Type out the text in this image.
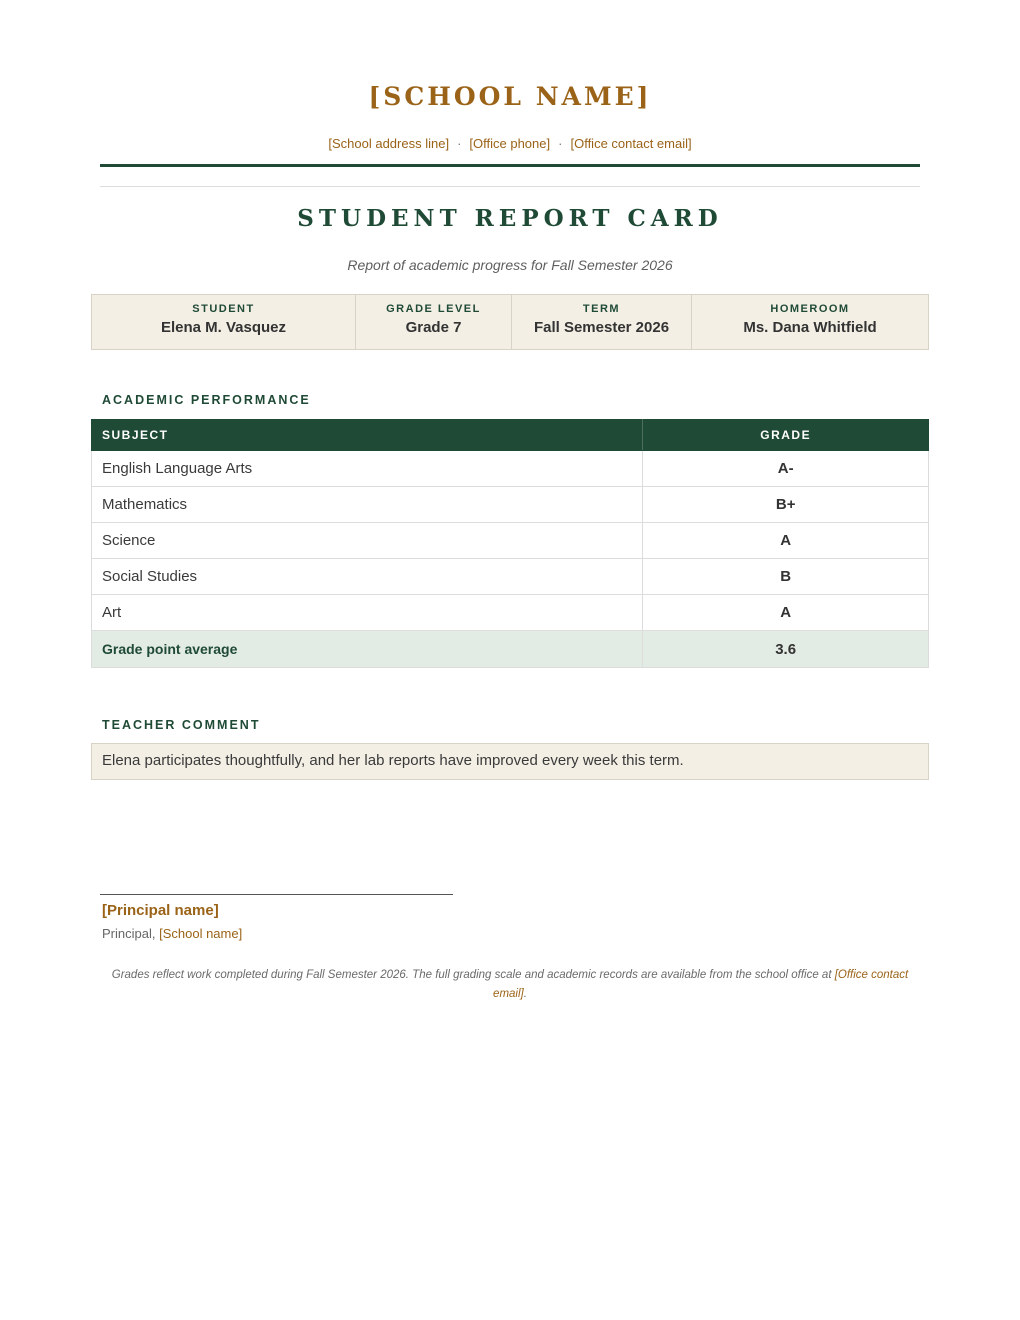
[SCHOOL NAME]
[School address line] · [Office phone] · [Office contact email]
STUDENT REPORT CARD
Report of academic progress for Fall Semester 2026
STUDENT
Elena M. Vasquez
GRADE LEVEL
Grade 7
TERM
Fall Semester 2026
HOMEROOM
Ms. Dana Whitfield
ACADEMIC PERFORMANCE
SUBJECT	GRADE
English Language Arts	A-
Mathematics	B+
Science	A
Social Studies	B
Art	A
Grade point average	3.6
TEACHER COMMENT
Elena participates thoughtfully, and her lab reports have improved every week this term.
[Principal name]
Principal, [School name]
Grades reflect work completed during Fall Semester 2026. The full grading scale and academic records are available from the school office at [Office contact email].
